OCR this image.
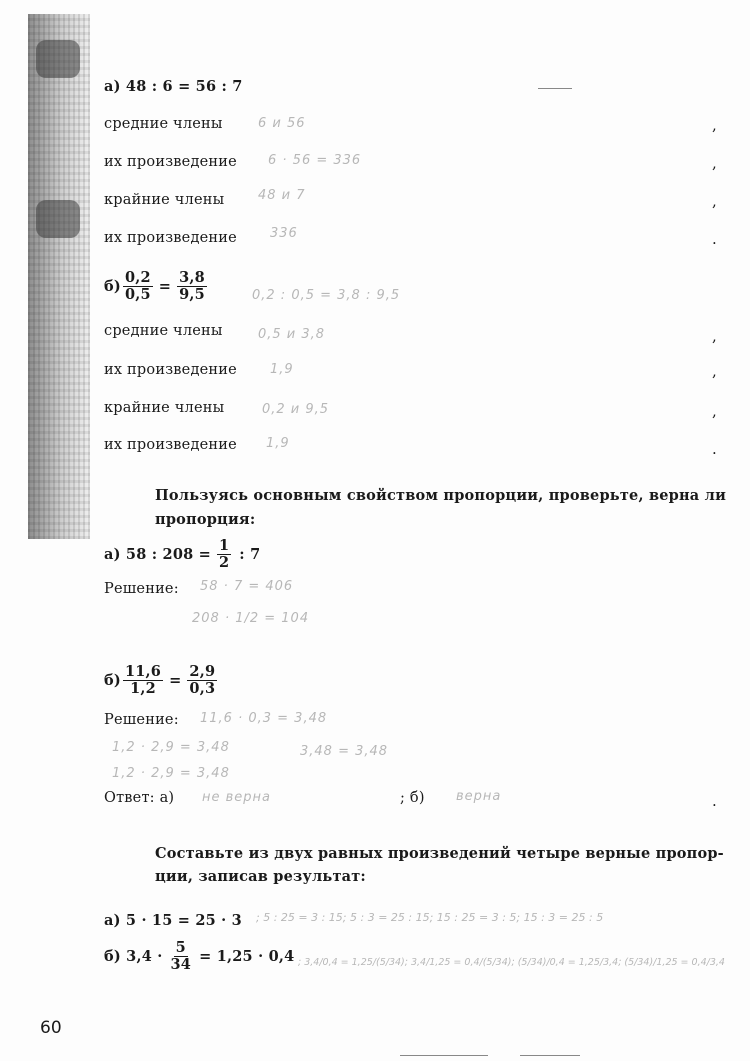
а) 48 : 6 = 56 : 7
средние члены	6 и 56	,
их произведение 6 · 56 = 336	,
крайние члены	48 и 7	,
их произведение	336	.
$б) \frac{0,2}{0,5} = \frac{3,8}{9,5}$	0,2 : 0,5 = 3,8 : 9,5
средние члены	0,5 и 3,8	,
их произведение	1,9	,
крайние члены	0,2 и 9,5	,
их произведение 1,9	.
Пользуясь основным свойством пропорции, проверьте, верна ли
пропорция:
а) 58 : $208 = \frac{1}{2}$ : 7
Решение: 58 · 7 = 406
208 · 1/2 = 104
$б) \frac{11,6}{1,2} = \frac{2,9}{0,3}$
Решение: 11,6 · 0,3 = 3,48
1,2 · 2,9 = 3,48	3,48 = 3,48
1,2 · 2,9 = 3,48
Ответ: а) не верна	; б) верна	.
Составьте из двух равных произведений четыре верные пропор-
ции, записав результат:
а) 5 · 15 = 25 · 3 ; 5 : 25 = 3 : 15; 5 : 3 = 25 : 15; 15 : 25 = 3 : 5; 15 : 3 = 25 : 5
б) $3,4 \cdot \frac{5}{34} = 1,25 \cdot 0,4$ ; 3,4/0,4 = 1,25/(5/34); 3,4/1,25 = 0,4/(5/34); (5/34)/0,4 = 1,25/3,4; (5/34)/1,25 = 0,4/3,4
60
